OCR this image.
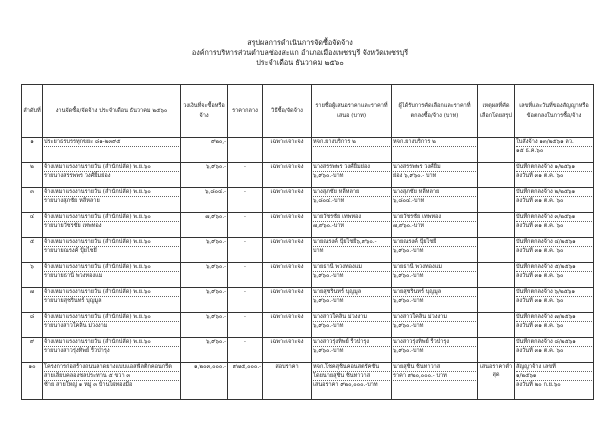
สรุปผลการดำเนินการจัดซื้อจัดจ้าง
องค์การบริหารส่วนตำบลช่องสะแก อำเภอเมืองเพชรบุรี จังหวัดเพชรบุรี
ประจำเดือน ธันวาคม ๒๕๖๐
ลำดับที่	งานจัดซื้อ/จัดจ้าง ประจำเดือน ธันวาคม ๒๕๖๐	วงเงินที่จะซื้อหรือจ้าง	ราคากลาง	วิธีซื้อ/จัดจ้าง	รายชื่อผู้เสนอราคาและราคาที่เสนอ (บาท)	ผู้ได้รับการคัดเลือกและราคาที่ตกลงซื้อ/จ้าง (บาท)	เหตุผลที่คัดเลือกโดยสรุป	เลขที่และวันที่ของสัญญาหรือข้อตกลงในการซื้อ/จ้าง
๑	ประยาธรบรรทุกขยะ ๘๑-๒๓๙๕	๙๒๐,-		เฉพาะเจาะจง	หจก.ยางบริการ ๒	หจก.ยางบริการ ๒		ใบสั่งจ้าง ๑๓/๒๕๖๑ ลว.
๑๕ ธ.ค.๖๐
๒	จ้างเหมาแรงงานรายวัน (สำนักปลัด) พ.ย.๖๐
รายนางสรรพพร วงศ์ยิ้มย่อง	๖,๙๖๐.-	-	เฉพาะเจาะจง	นางสรรพพร วงศ์ยิ้มย่อง
๖,๙๖๐.-บาท	นางสรรพพร วงศ์ยิ้ม
ย่อง ๖,๙๖๐.- บาท		บันทึกตกลงจ้าง ๑/๒๕๖๑
ลงวันที่ ๓๑ ต.ค. ๖๐
๓	จ้างเหมาแรงงานรายวัน (สำนักปลัด) พ.ย.๖๐
รายนางสุภชัย หลีหลาย	๖,๘๐๔.-	-	เฉพาะเจาะจง	นางสุภชัย หลีหลาย
๖,๘๐๔.-บาท	นางสุภชัย หลีหลาย
๖,๘๐๔.-บาท		บันทึกตกลงจ้าง ๒/๒๕๖๑
ลงวันที่ ๓๑ ต.ค. ๖๐
๔	จ้างเหมาแรงงานรายวัน (สำนักปลัด) พ.ย.๖๐
รายนายวัชรชัย เทพทอง	๗,๙๖๐.-	-	เฉพาะเจาะจง	นายวัชรชัย เทพทอง
๗,๙๖๐.-บาท	นายวัชรชัย เทพทอง
๗,๙๖๐.-บาท		บันทึกตกลงจ้าง ๓/๒๕๖๑
ลงวันที่ ๓๑ ต.ค. ๖๐
๕	จ้างเหมาแรงงานรายวัน (สำนักปลัด) พ.ย.๖๐
รายนายณรงค์ ปุ้ยไชยี	๖,๙๖๐.-	-	เฉพาะเจาะจง	นายณรงค์ ปุ้ยไชยี๖,๙๖๐.-
บาท	นายณรงค์ ปุ้ยไชยี
๖,๙๖๐.-บาท		บันทึกตกลงจ้าง ๔/๒๕๖๑
ลงวันที่ ๓๑ ต.ค. ๖๐
๖	จ้างเหมาแรงงานรายวัน (สำนักปลัด) พ.ย.๖๐
รายนายธานี พวงทองแม	๖,๙๖๐.-	-	เฉพาะเจาะจง	นายธานี พวงทองแม
๖,๙๖๐.-บาท	นายธานี พวงทองแม
๖,๙๖๐.-บาท		บันทึกตกลงจ้าง ๕/๒๕๖๑
ลงวันที่ ๓๑ ต.ค. ๖๐
๗	จ้างเหมาแรงงานรายวัน (สำนักปลัด) พ.ย.๖๐
รายนายสุชรินทร์ บุญมูล	๖,๙๖๐.-	-	เฉพาะเจาะจง	นายสุชรินทร์ บุญมูล
๖,๙๖๐.-บาท	นายสุชรินทร์ บุญมูล
๖,๙๖๐.-บาท		บันทึกตกลงจ้าง ๖/๒๕๖๑
ลงวันที่ ๓๑ ต.ค. ๖๐
๘	จ้างเหมาแรงงานรายวัน (สำนักปลัด) พ.ย.๖๐
รายนางสาวใคลิน ม่วงงาม	๖,๙๖๐.-	-	เฉพาะเจาะจง	นางสาวใคลิน ม่วงงาม
๖,๙๖๐.-บาท	นางสาวใคลิน ม่วงงาม
๖,๙๖๐.-บาท		บันทึกตกลงจ้าง ๗/๒๕๖๑
ลงวันที่ ๓๑ ต.ค. ๖๐
๙	จ้างเหมาแรงงานรายวัน (สำนักปลัด) พ.ย.๖๐
รายนางสาวรุ่งทิพย์ ริ้วป่ารุง	๖,๙๖๐.-	-	เฉพาะเจาะจง	นางสาวรุ่งทิพย์ ริ้วป่ารุง
๖,๙๖๐.-บาท	นางสาวรุ่งทิพย์ ริ้วป่ารุง
๖,๙๖๐.-บาท		บันทึกตกลงจ้าง ๘/๒๕๖๑
ลงวันที่ ๓๑ ต.ค. ๖๐
๑๐	โครงการก่อสร้างถนนลาดยางแบบแอสฟัลติกคอนกรีต
สายเลียบคลองชลประทาน ๕ ขวา ๓
ซ้าย สายใหญ่ ๑ หมู่ ๓ บ้านไผ่ทองมือ	๑,๒๐๓,๐๐๐.-	๙๗๕,๐๐๐.-	สอบราคา	หจก.โชคสุชินคอนสตรัคชั่น
โดยนายสุชิน ชินทาวาส
เสนอราคา ๙๒๐,๐๐๐.-บาท	นายสุชิน ชินทาวาส
ราคา ๙๒๐,๐๐๐.- บาท	เสนอราคาต่ำสุด	สัญญาจ้าง เลขที่
๑/๒๕๖๑
ลงวันที่ ๒๐ ก.ย.๖๐
